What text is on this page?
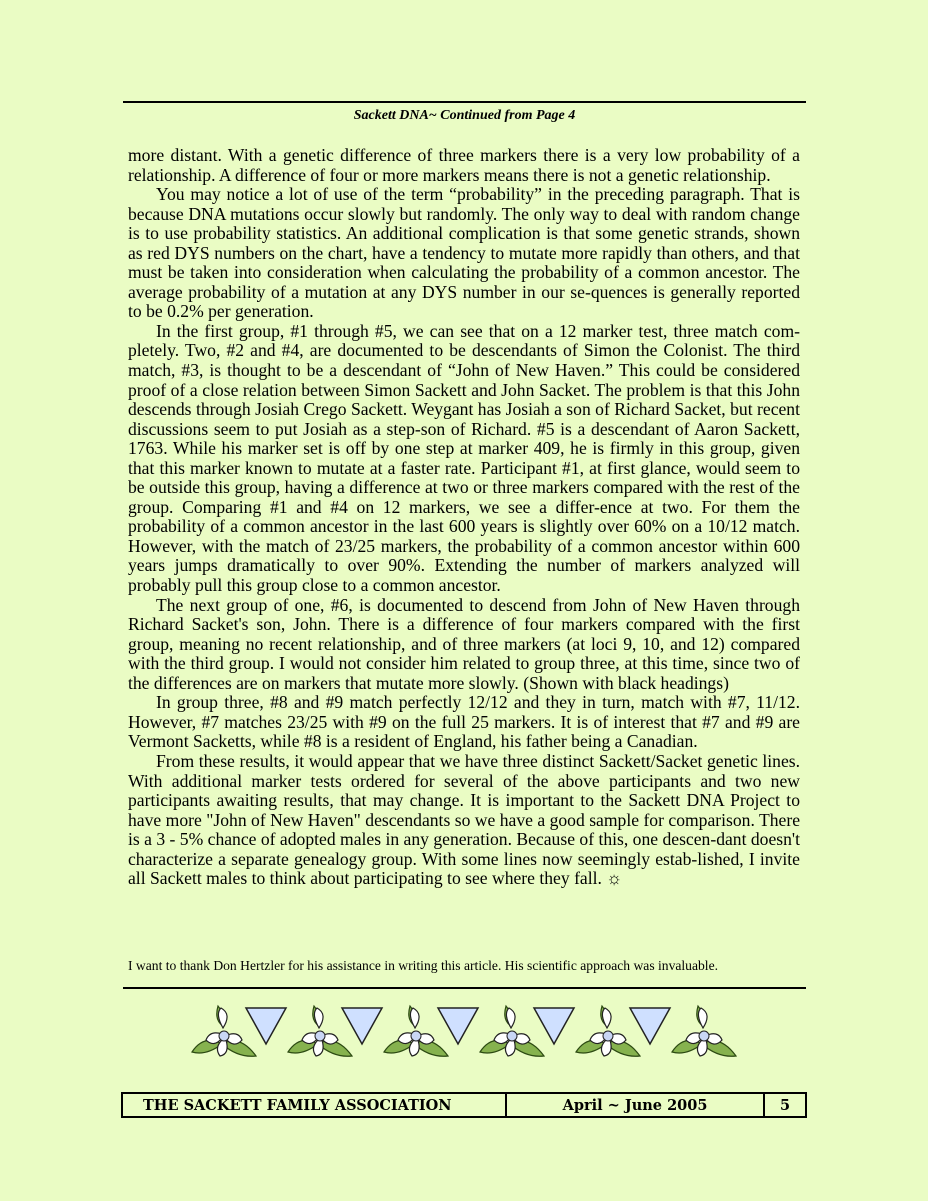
Sackett DNA~ Continued from Page 4

more distant. With a genetic difference of three markers there is a very low probability of a relationship. A difference of four or more markers means there is not a genetic relationship.

You may notice a lot of use of the term “probability” in the preceding paragraph. That is because DNA mutations occur slowly but randomly. The only way to deal with random change is to use probability statistics. An additional complication is that some genetic strands, shown as red DYS numbers on the chart, have a tendency to mutate more rapidly than others, and that must be taken into consideration when calculating the probability of a common ancestor. The average probability of a mutation at any DYS number in our se-quences is generally reported to be 0.2% per generation.

In the first group, #1 through #5, we can see that on a 12 marker test, three match com-pletely. Two, #2 and #4, are documented to be descendants of Simon the Colonist. The third match, #3, is thought to be a descendant of “John of New Haven.” This could be considered proof of a close relation between Simon Sackett and John Sacket. The problem is that this John descends through Josiah Crego Sackett. Weygant has Josiah a son of Richard Sacket, but recent discussions seem to put Josiah as a step-son of Richard. #5 is a descendant of Aaron Sackett, 1763. While his marker set is off by one step at marker 409, he is firmly in this group, given that this marker known to mutate at a faster rate. Participant #1, at first glance, would seem to be outside this group, having a difference at two or three markers compared with the rest of the group. Comparing #1 and #4 on 12 markers, we see a differ-ence at two. For them the probability of a common ancestor in the last 600 years is slightly over 60% on a 10/12 match. However, with the match of 23/25 markers, the probability of a common ancestor within 600 years jumps dramatically to over 90%. Extending the number of markers analyzed will probably pull this group close to a common ancestor.

The next group of one, #6, is documented to descend from John of New Haven through Richard Sacket's son, John. There is a difference of four markers compared with the first group, meaning no recent relationship, and of three markers (at loci 9, 10, and 12) compared with the third group. I would not consider him related to group three, at this time, since two of the differences are on markers that mutate more slowly. (Shown with black headings)

In group three, #8 and #9 match perfectly 12/12 and they in turn, match with #7, 11/12. However, #7 matches 23/25 with #9 on the full 25 markers. It is of interest that #7 and #9 are Vermont Sacketts, while #8 is a resident of England, his father being a Canadian.

From these results, it would appear that we have three distinct Sackett/Sacket genetic lines. With additional marker tests ordered for several of the above participants and two new participants awaiting results, that may change. It is important to the Sackett DNA Project to have more "John of New Haven" descendants so we have a good sample for comparison. There is a 3 - 5% chance of adopted males in any generation. Because of this, one descen-dant doesn't characterize a separate genealogy group. With some lines now seemingly estab-lished, I invite all Sackett males to think about participating to see where they fall. ☼

I want to thank Don Hertzler for his assistance in writing this article. His scientific approach was invaluable.
THE SACKETT FAMILY ASSOCIATION	April ~ June 2005	5
